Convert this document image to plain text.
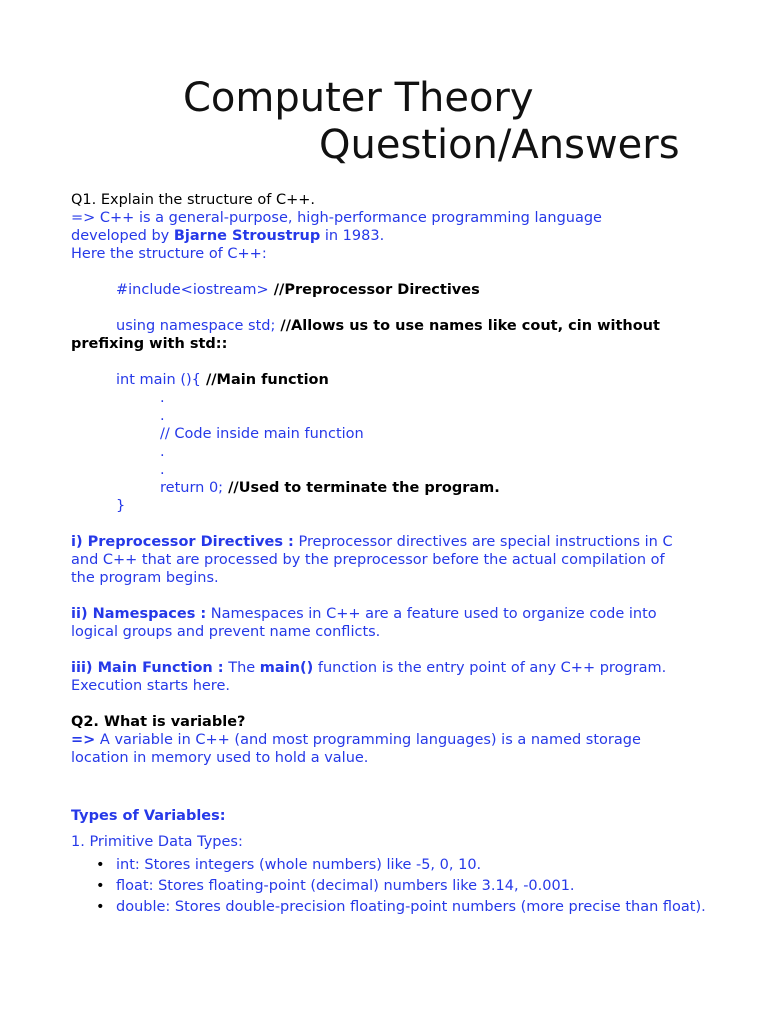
Computer Theory
Question/Answers
Q1. Explain the structure of C++.
=> C++ is a general-purpose, high-performance programming language
developed by Bjarne Stroustrup in 1983.
Here the structure of C++:
#include<iostream> //Preprocessor Directives
using namespace std; //Allows us to use names like cout, cin without
prefixing with std::
int main (){ //Main function
.
.
// Code inside main function
.
.
return 0; //Used to terminate the program.
}
i) Preprocessor Directives : Preprocessor directives are special instructions in C
and C++ that are processed by the preprocessor before the actual compilation of
the program begins.
ii) Namespaces : Namespaces in C++ are a feature used to organize code into
logical groups and prevent name conflicts.
iii) Main Function : The main() function is the entry point of any C++ program.
Execution starts here.
Q2. What is variable?
=> A variable in C++ (and most programming languages) is a named storage
location in memory used to hold a value.
Types of Variables:
1. Primitive Data Types:
• int: Stores integers (whole numbers) like -5, 0, 10.
• float: Stores floating-point (decimal) numbers like 3.14, -0.001.
• double: Stores double-precision floating-point numbers (more precise than float).
